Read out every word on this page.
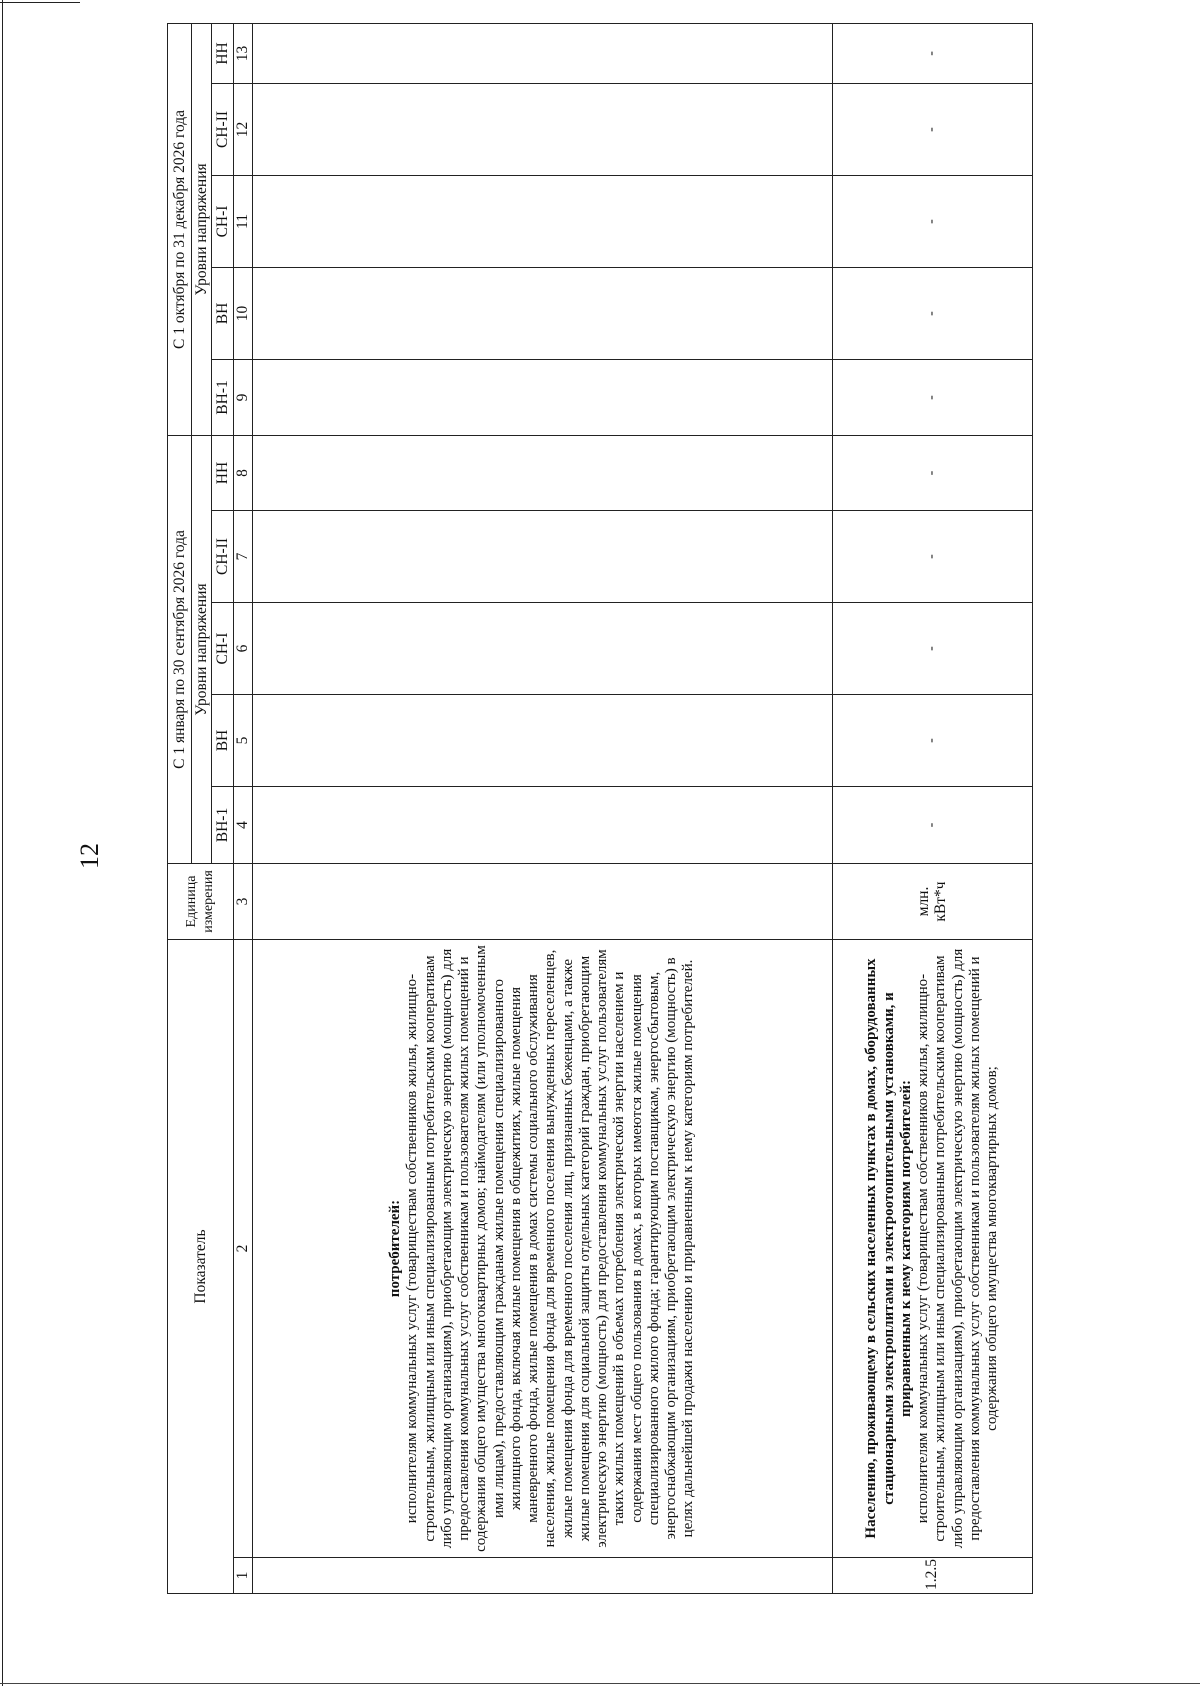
12
Показатель		Единица измерения	С 1 января по 30 сентября 2026 года					С 1 октября по 31 декабря 2026 года				
			Уровни напряжения					Уровни напряжения				
			ВН-1	ВН	СН-I	СН-II	НН	ВН-1	ВН	СН-I	СН-II	НН
1	2	3	4	5	6	7	8	9	10	11	12	13

	потребителей:
исполнителям коммунальных услуг (товариществам собственников жилья, жилищно-строительным, жилищным или иным специализированным потребительским кооперативам либо управляющим организациям), приобретающим электрическую энергию (мощность) для предоставления коммунальных услуг собственникам и пользователям жилых помещений и содержания общего имущества многоквартирных домов; наймодателям (или уполномоченным ими лицам), предоставляющим гражданам жилые помещения специализированного жилищного фонда, включая жилые помещения в общежитиях, жилые помещения маневренного фонда, жилые помещения в домах системы социального обслуживания населения, жилые помещения фонда для временного поселения вынужденных переселенцев, жилые помещения фонда для временного поселения лиц, признанных беженцами, а также жилые помещения для социальной защиты отдельных категорий граждан, приобретающим электрическую энергию (мощность) для предоставления коммунальных услуг пользователям таких жилых помещений в объемах потребления электрической энергии населением и содержания мест общего пользования в домах, в которых имеются жилые помещения специализированного жилого фонда; гарантирующим поставщикам, энергосбытовым, энергоснабжающим организациям, приобретающим электрическую энергию (мощность) в целях дальнейшей продажи населению и приравненным к нему категориям потребителей.											

1.2.5	Населению, проживающему в сельских населенных пунктах в домах, оборудованных стационарными электроплитами и электроотопительными установками, и приравненным к нему категориям потребителей:
исполнителям коммунальных услуг (товариществам собственников жилья, жилищно-строительным, жилищным или иным специализированным потребительским кооперативам либо управляющим организациям), приобретающим электрическую энергию (мощность) для предоставления коммунальных услуг собственникам и пользователям жилых помещений и содержания общего имущества многоквартирных домов;	млн. кВт*ч	-	-	-	-	-	-	-	-	-	-
